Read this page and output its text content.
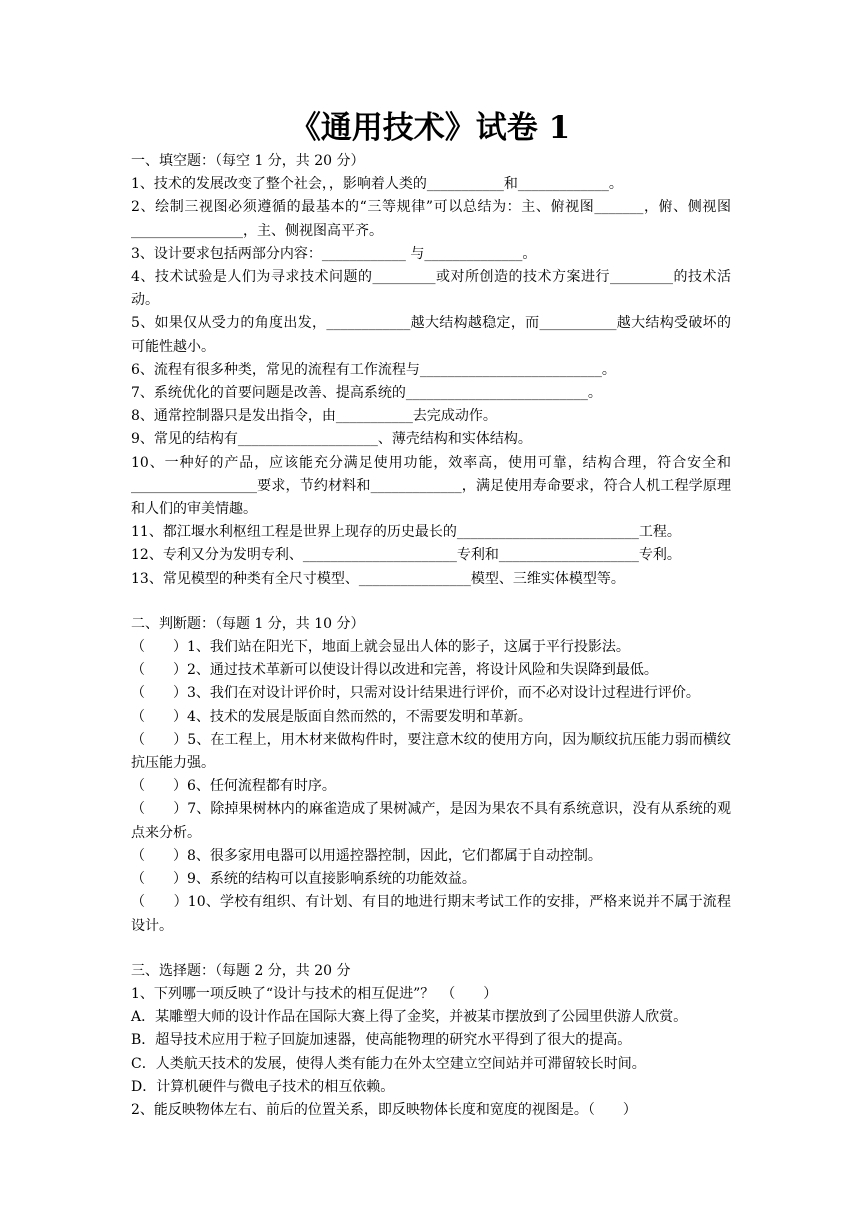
《通用技术》试卷 1

一、填空题：（每空 1 分，共 20 分）

1、技术的发展改变了整个社会，，影响着人类的___________和_____________。

2、绘制三视图必须遵循的最基本的“三等规律”可以总结为：主、俯视图_______，俯、侧视图________________，主、侧视图高平齐。

3、设计要求包括两部分内容：____________ 与______________。

4、技术试验是人们为寻求技术问题的_________或对所创造的技术方案进行_________的技术活动。

5、如果仅从受力的角度出发，____________越大结构越稳定，而___________越大结构受破坏的可能性越小。

6、流程有很多种类，常见的流程有工作流程与__________________________。

7、系统优化的首要问题是改善、提高系统的__________________________。

8、通常控制器只是发出指令，由___________去完成动作。

9、常见的结构有____________________、薄壳结构和实体结构。

10、一种好的产品，应该能充分满足使用功能，效率高，使用可靠，结构合理，符合安全和__________________要求，节约材料和_____________，满足使用寿命要求，符合人机工程学原理和人们的审美情趣。

11、都江堰水利枢纽工程是世界上现存的历史最长的__________________________工程。

12、专利又分为发明专利、______________________专利和____________________专利。

13、常见模型的种类有全尺寸模型、________________模型、三维实体模型等。

二、判断题：（每题 1 分，共 10 分）

（　　）1、我们站在阳光下，地面上就会显出人体的影子，这属于平行投影法。

（　　）2、通过技术革新可以使设计得以改进和完善，将设计风险和失误降到最低。

（　　）3、我们在对设计评价时，只需对设计结果进行评价，而不必对设计过程进行评价。

（　　）4、技术的发展是版面自然而然的，不需要发明和革新。

（　　）5、在工程上，用木材来做构件时，要注意木纹的使用方向，因为顺纹抗压能力弱而横纹抗压能力强。

（　　）6、任何流程都有时序。

（　　）7、除掉果树林内的麻雀造成了果树减产，是因为果农不具有系统意识，没有从系统的观点来分析。

（　　）8、很多家用电器可以用遥控器控制，因此，它们都属于自动控制。

（　　）9、系统的结构可以直接影响系统的功能效益。

（　　）10、学校有组织、有计划、有目的地进行期末考试工作的安排，严格来说并不属于流程设计。

三、选择题：（每题 2 分，共 20 分

1、下列哪一项反映了“设计与技术的相互促进”？　（　　）

A．某雕塑大师的设计作品在国际大赛上得了金奖，并被某市摆放到了公园里供游人欣赏。

B．超导技术应用于粒子回旋加速器，使高能物理的研究水平得到了很大的提高。

C．人类航天技术的发展，使得人类有能力在外太空建立空间站并可滞留较长时间。

D．计算机硬件与微电子技术的相互依赖。

2、能反映物体左右、前后的位置关系，即反映物体长度和宽度的视图是。（　　）
